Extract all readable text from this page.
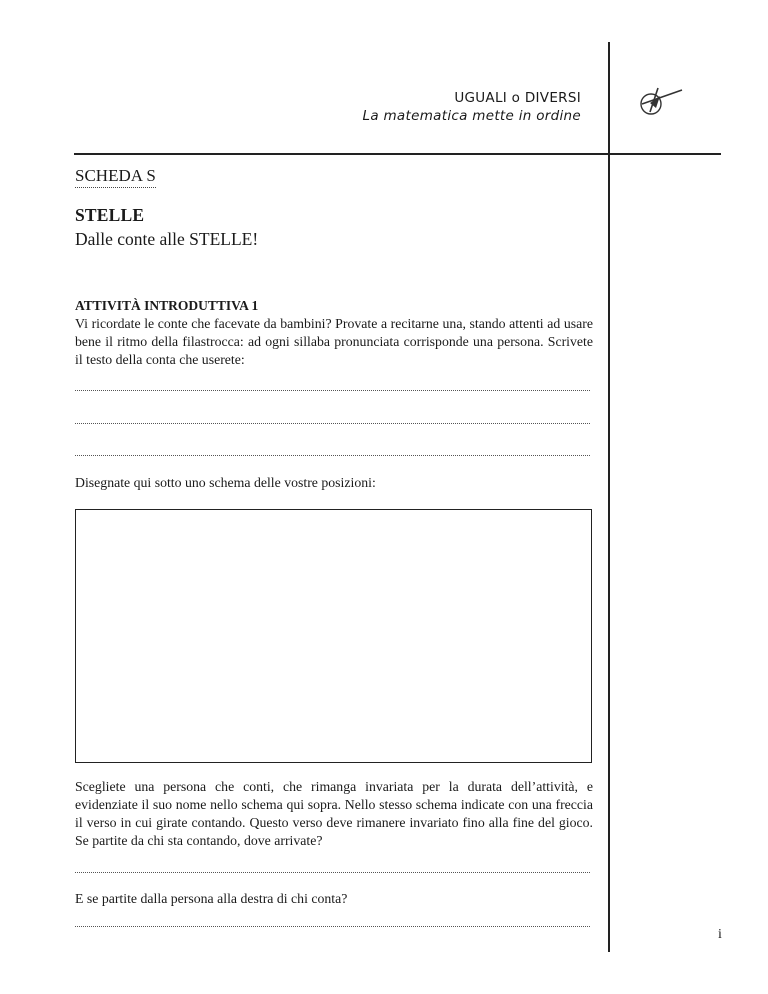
UGUALI o DIVERSI
La matematica mette in ordine
SCHEDA S
STELLE
Dalle conte alle STELLE!
ATTIVITÀ INTRODUTTIVA 1
Vi ricordate le conte che facevate da bambini? Provate a recitarne una, stando attenti ad usare bene il ritmo della filastrocca: ad ogni sillaba pronunciata corrisponde una persona. Scrivete il testo della conta che userete:
Disegnate qui sotto uno schema delle vostre posizioni:
Scegliete una persona che conti, che rimanga invariata per la durata dell’attività, e evidenziate il suo nome nello schema qui sopra. Nello stesso schema indicate con una freccia il verso in cui girate contando. Questo verso deve rimanere invariato fino alla fine del gioco. Se partite da chi sta contando, dove arrivate?
E se partite dalla persona alla destra di chi conta?
i
